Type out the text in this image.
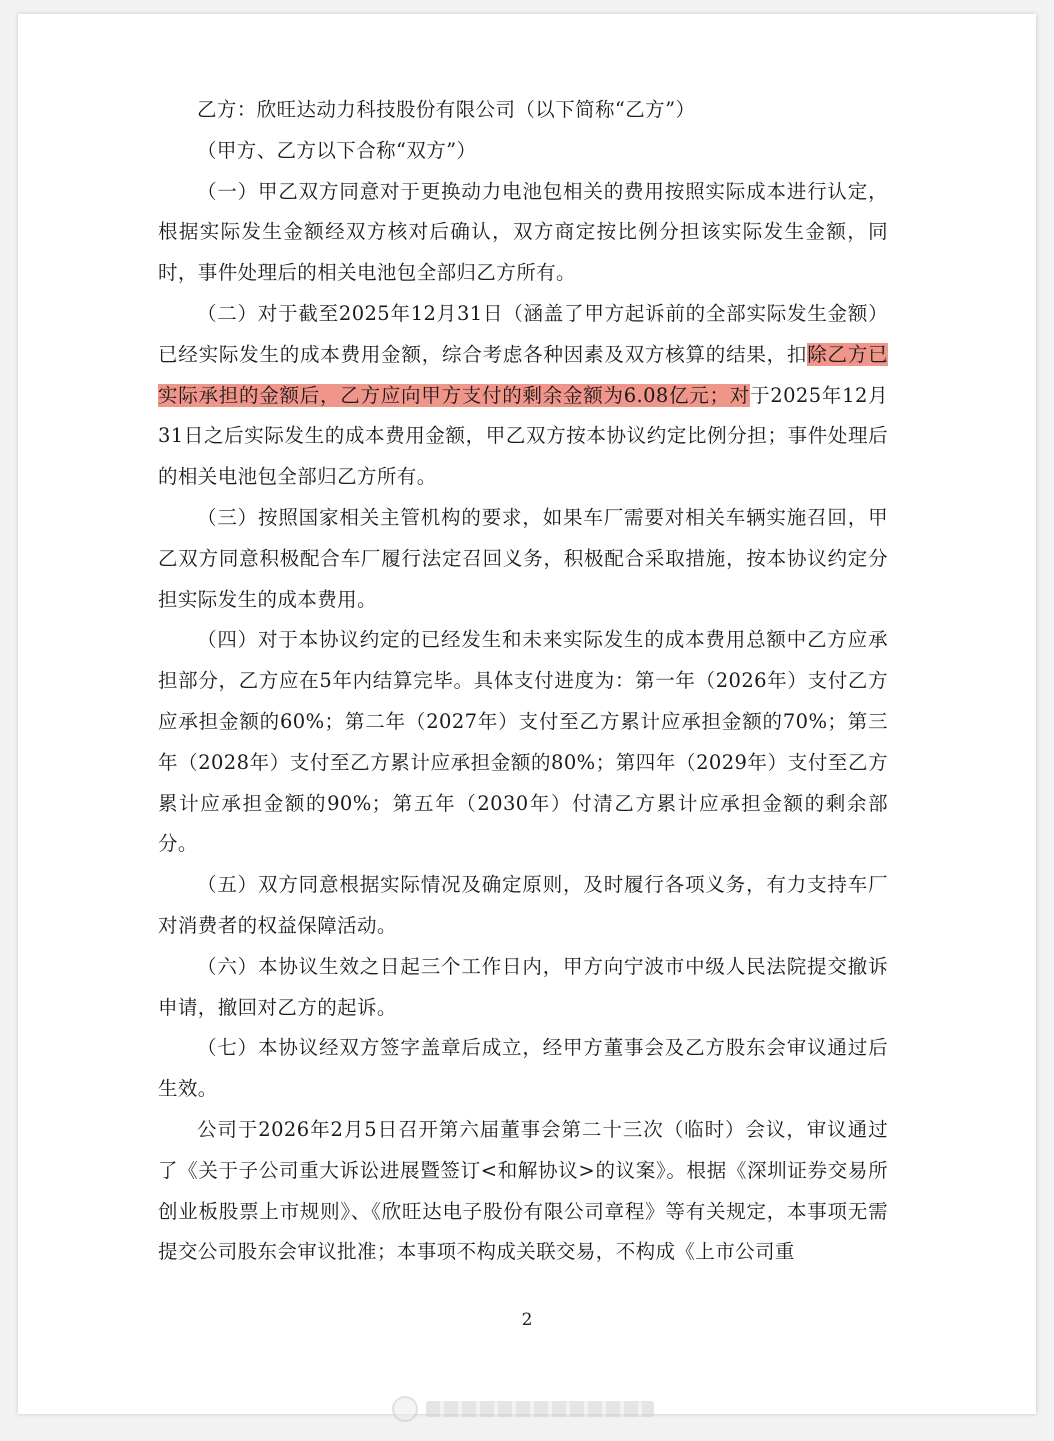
乙方：欣旺达动力科技股份有限公司（以下简称“乙方”）

（甲方、乙方以下合称“双方”）

（一）甲乙双方同意对于更换动力电池包相关的费用按照实际成本进行认定，根据实际发生金额经双方核对后确认，双方商定按比例分担该实际发生金额，同时，事件处理后的相关电池包全部归乙方所有。

（二）对于截至2025年12月31日（涵盖了甲方起诉前的全部实际发生金额）已经实际发生的成本费用金额，综合考虑各种因素及双方核算的结果，扣除乙方已实际承担的金额后，乙方应向甲方支付的剩余金额为6.08亿元；对于2025年12月31日之后实际发生的成本费用金额，甲乙双方按本协议约定比例分担；事件处理后的相关电池包全部归乙方所有。

（三）按照国家相关主管机构的要求，如果车厂需要对相关车辆实施召回，甲乙双方同意积极配合车厂履行法定召回义务，积极配合采取措施，按本协议约定分担实际发生的成本费用。

（四）对于本协议约定的已经发生和未来实际发生的成本费用总额中乙方应承担部分，乙方应在5年内结算完毕。具体支付进度为：第一年（2026年）支付乙方应承担金额的60%；第二年（2027年）支付至乙方累计应承担金额的70%；第三年（2028年）支付至乙方累计应承担金额的80%；第四年（2029年）支付至乙方累计应承担金额的90%；第五年（2030年）付清乙方累计应承担金额的剩余部分。

（五）双方同意根据实际情况及确定原则，及时履行各项义务，有力支持车厂对消费者的权益保障活动。

（六）本协议生效之日起三个工作日内，甲方向宁波市中级人民法院提交撤诉申请，撤回对乙方的起诉。

（七）本协议经双方签字盖章后成立，经甲方董事会及乙方股东会审议通过后生效。

公司于2026年2月5日召开第六届董事会第二十三次（临时）会议，审议通过了《关于子公司重大诉讼进展暨签订<和解协议>的议案》。根据《深圳证券交易所创业板股票上市规则》、《欣旺达电子股份有限公司章程》等有关规定，本事项无需提交公司股东会审议批准；本事项不构成关联交易，不构成《上市公司重

2
